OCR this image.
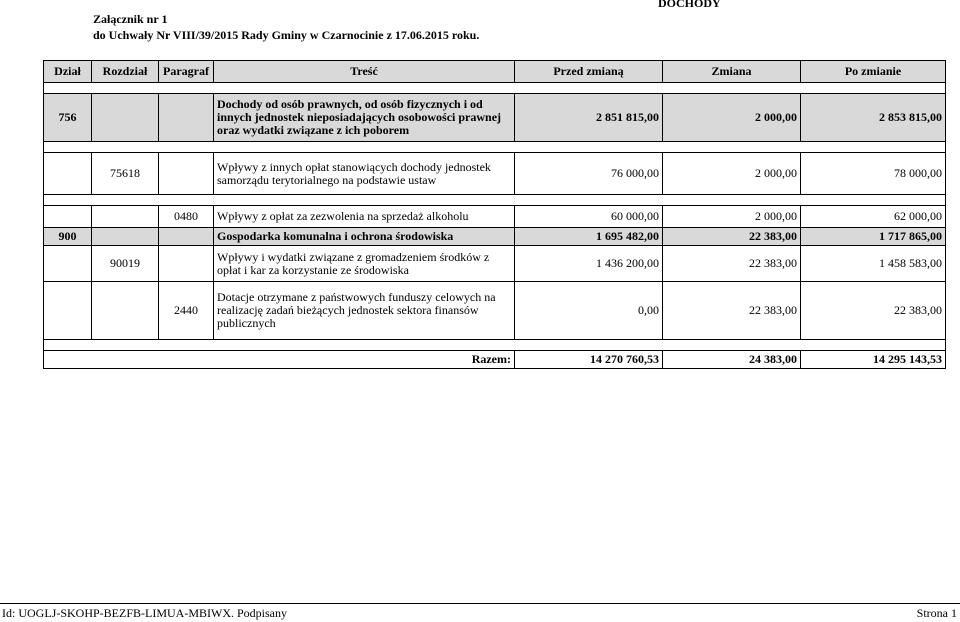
Załącznik nr 1
do Uchwały Nr VIII/39/2015 Rady Gminy w Czarnocinie z 17.06.2015 roku.
DOCHODY
Dział	Rozdział	Paragraf	Treść	Przed zmianą	Zmiana	Po zmianie

756			Dochody od osób prawnych, od osób fizycznych i od innych jednostek nieposiadających osobowości prawnej oraz wydatki związane z ich poborem	2 851 815,00	2 000,00	2 853 815,00

	75618		Wpływy z innych opłat stanowiących dochody jednostek samorządu terytorialnego na podstawie ustaw	76 000,00	2 000,00	78 000,00

		0480	Wpływy z opłat za zezwolenia na sprzedaż alkoholu	60 000,00	2 000,00	62 000,00
900			Gospodarka komunalna i ochrona środowiska	1 695 482,00	22 383,00	1 717 865,00
	90019		Wpływy i wydatki związane z gromadzeniem środków z opłat i kar za korzystanie ze środowiska	1 436 200,00	22 383,00	1 458 583,00
		2440	Dotacje otrzymane z państwowych funduszy celowych na realizację zadań bieżących jednostek sektora finansów publicznych	0,00	22 383,00	22 383,00

Razem:				14 270 760,53	24 383,00	14 295 143,53
Id: UOGLJ-SKOHP-BEZFB-LIMUA-MBIWX. Podpisany	Strona 1
